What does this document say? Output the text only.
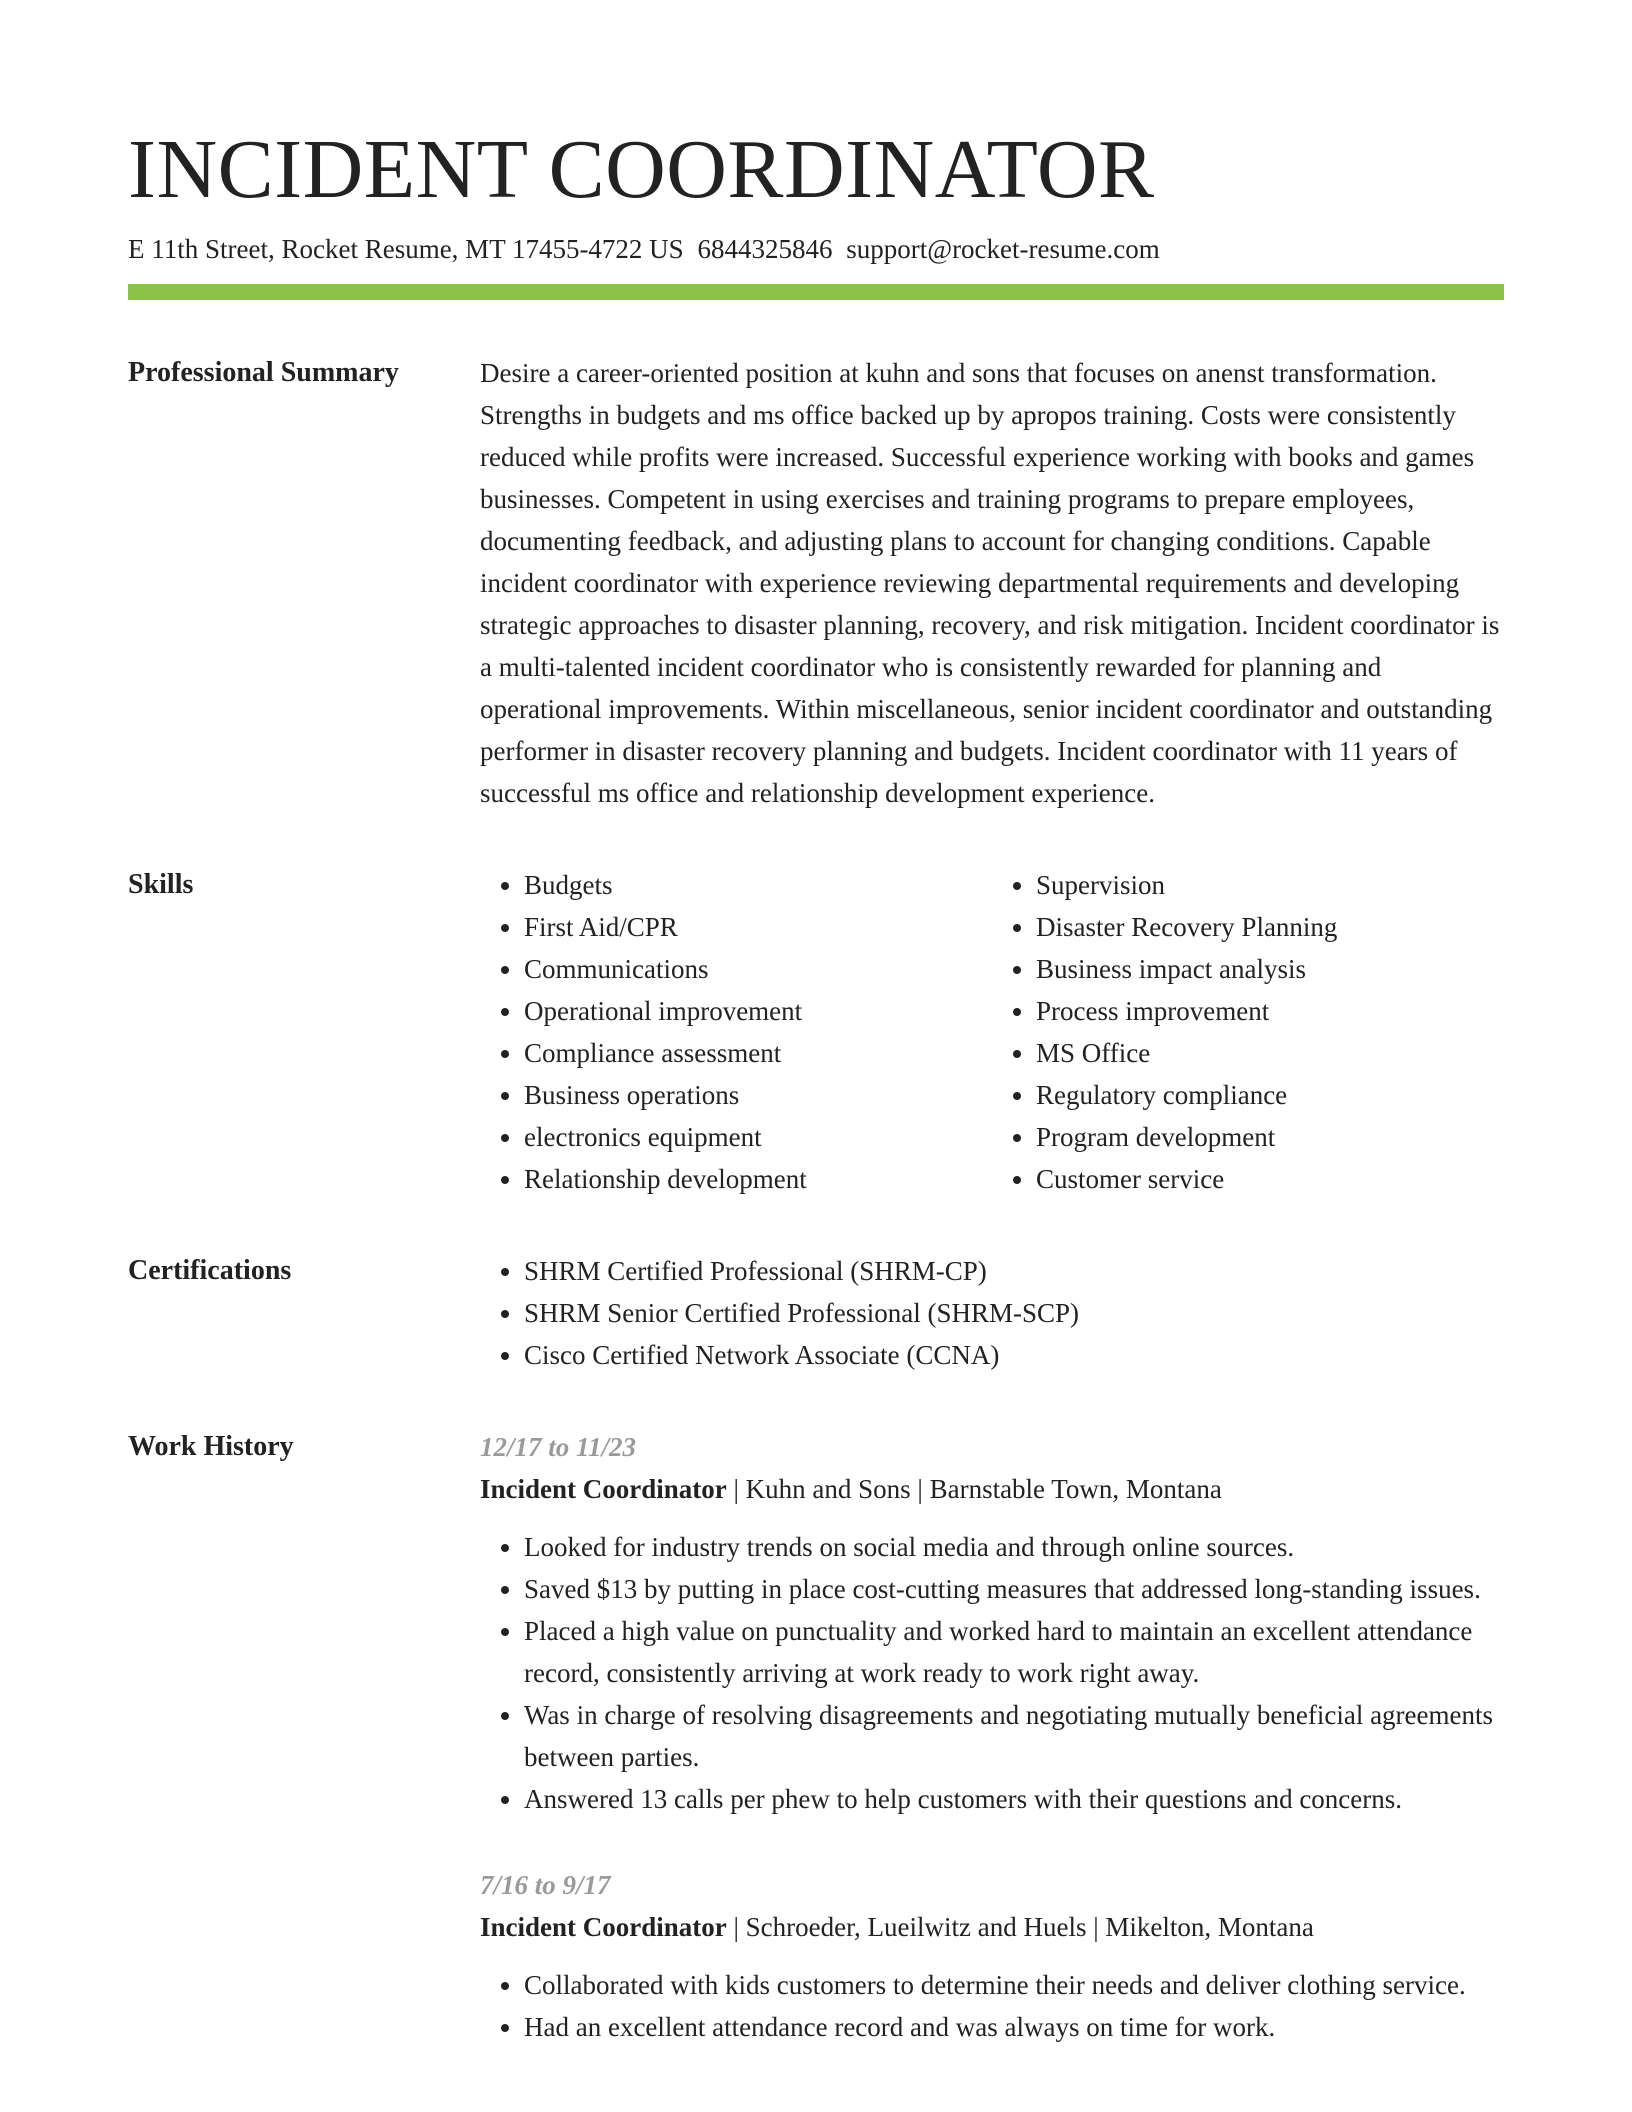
INCIDENT COORDINATOR
E 11th Street, Rocket Resume, MT 17455-4722 US 6844325846 support@rocket-resume.com
Professional Summary	Desire a career-oriented position at kuhn and sons that focuses on anenst transformation. Strengths in budgets and ms office backed up by apropos training. Costs were consistently reduced while profits were increased. Successful experience working with books and games businesses. Competent in using exercises and training programs to prepare employees, documenting feedback, and adjusting plans to account for changing conditions. Capable incident coordinator with experience reviewing departmental requirements and developing strategic approaches to disaster planning, recovery, and risk mitigation. Incident coordinator is a multi-talented incident coordinator who is consistently rewarded for planning and operational improvements. Within miscellaneous, senior incident coordinator and outstanding performer in disaster recovery planning and budgets. Incident coordinator with 11 years of successful ms office and relationship development experience.

Skills	• Budgets
• First Aid/CPR
• Communications
• Operational improvement
• Compliance assessment
• Business operations
• electronics equipment
• Relationship development
• Supervision
• Disaster Recovery Planning
• Business impact analysis
• Process improvement
• MS Office
• Regulatory compliance
• Program development
• Customer service
Certifications	• SHRM Certified Professional (SHRM-CP)
• SHRM Senior Certified Professional (SHRM-SCP)
• Cisco Certified Network Associate (CCNA)
Work History	12/17 to 11/23
Incident Coordinator | Kuhn and Sons | Barnstable Town, Montana
• Looked for industry trends on social media and through online sources.
• Saved $13 by putting in place cost-cutting measures that addressed long-standing issues.
• Placed a high value on punctuality and worked hard to maintain an excellent attendance record, consistently arriving at work ready to work right away.
• Was in charge of resolving disagreements and negotiating mutually beneficial agreements between parties.
• Answered 13 calls per phew to help customers with their questions and concerns.
7/16 to 9/17
Incident Coordinator | Schroeder, Lueilwitz and Huels | Mikelton, Montana
• Collaborated with kids customers to determine their needs and deliver clothing service.
• Had an excellent attendance record and was always on time for work.
